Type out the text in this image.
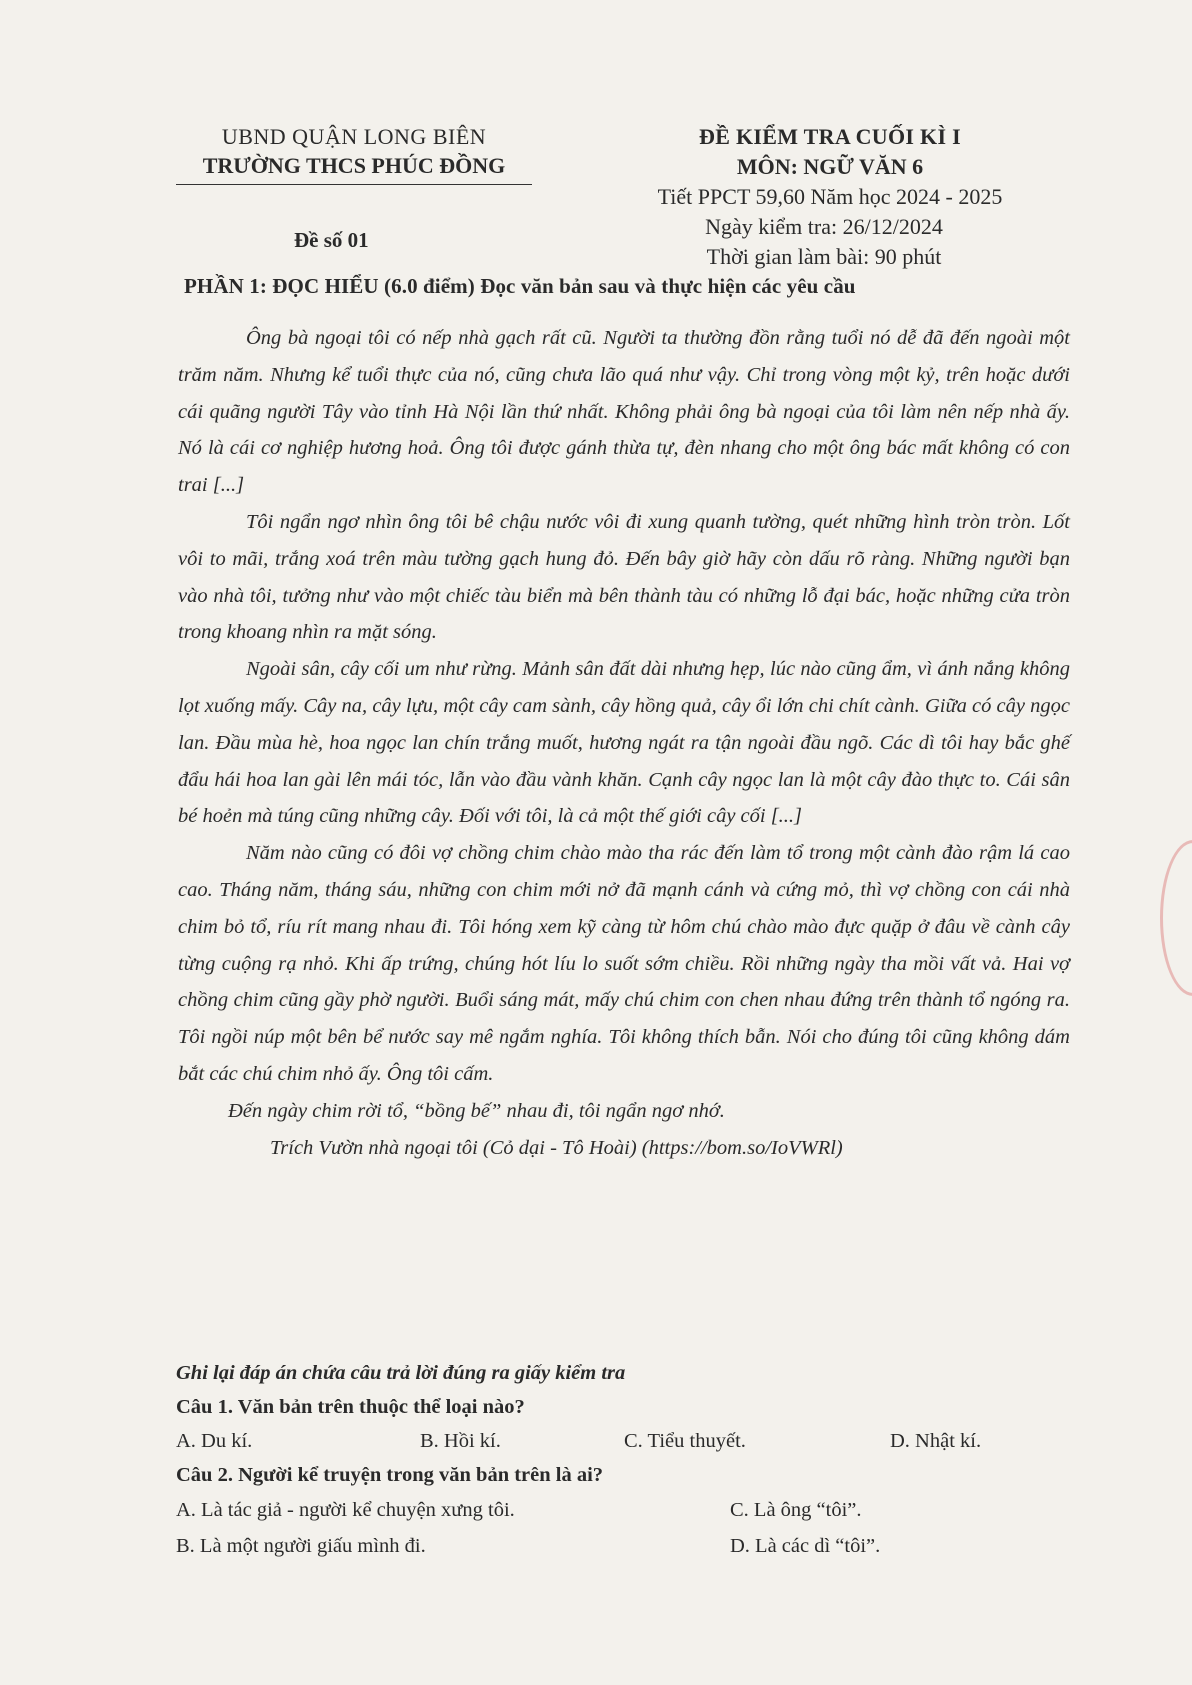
UBND QUẬN LONG BIÊN
TRƯỜNG THCS PHÚC ĐỒNG
ĐỀ KIỂM TRA CUỐI KÌ I
MÔN: NGỮ VĂN 6
Tiết PPCT 59,60 Năm học 2024 - 2025
Ngày kiểm tra: 26/12/2024
Thời gian làm bài: 90 phút
Đề số 01
PHẦN 1: ĐỌC HIỂU (6.0 điểm) Đọc văn bản sau và thực hiện các yêu cầu

Ông bà ngoại tôi có nếp nhà gạch rất cũ. Người ta thường đồn rằng tuổi nó dễ đã đến ngoài một trăm năm. Nhưng kể tuổi thực của nó, cũng chưa lão quá như vậy. Chỉ trong vòng một kỷ, trên hoặc dưới cái quãng người Tây vào tỉnh Hà Nội lần thứ nhất. Không phải ông bà ngoại của tôi làm nên nếp nhà ấy. Nó là cái cơ nghiệp hương hoả. Ông tôi được gánh thừa tự, đèn nhang cho một ông bác mất không có con trai [...]

Tôi ngẩn ngơ nhìn ông tôi bê chậu nước vôi đi xung quanh tường, quét những hình tròn tròn. Lốt vôi to mãi, trắng xoá trên màu tường gạch hung đỏ. Đến bây giờ hãy còn dấu rõ ràng. Những người bạn vào nhà tôi, tưởng như vào một chiếc tàu biển mà bên thành tàu có những lỗ đại bác, hoặc những cửa tròn trong khoang nhìn ra mặt sóng.

Ngoài sân, cây cối um như rừng. Mảnh sân đất dài nhưng hẹp, lúc nào cũng ẩm, vì ánh nắng không lọt xuống mấy. Cây na, cây lựu, một cây cam sành, cây hồng quả, cây ổi lớn chi chít cành. Giữa có cây ngọc lan. Đầu mùa hè, hoa ngọc lan chín trắng muốt, hương ngát ra tận ngoài đầu ngõ. Các dì tôi hay bắc ghế đẩu hái hoa lan gài lên mái tóc, lẫn vào đầu vành khăn. Cạnh cây ngọc lan là một cây đào thực to. Cái sân bé hoẻn mà túng cũng những cây. Đối với tôi, là cả một thế giới cây cối [...]

Năm nào cũng có đôi vợ chồng chim chào mào tha rác đến làm tổ trong một cành đào rậm lá cao cao. Tháng năm, tháng sáu, những con chim mới nở đã mạnh cánh và cứng mỏ, thì vợ chồng con cái nhà chim bỏ tổ, ríu rít mang nhau đi. Tôi hóng xem kỹ càng từ hôm chú chào mào đực quặp ở đâu về cành cây từng cuộng rạ nhỏ. Khi ấp trứng, chúng hót líu lo suốt sớm chiều. Rồi những ngày tha mồi vất vả. Hai vợ chồng chim cũng gầy phờ người. Buổi sáng mát, mấy chú chim con chen nhau đứng trên thành tổ ngóng ra. Tôi ngồi núp một bên bể nước say mê ngắm nghía. Tôi không thích bẫn. Nói cho đúng tôi cũng không dám bắt các chú chim nhỏ ấy. Ông tôi cấm.

Đến ngày chim rời tổ, “bồng bế” nhau đi, tôi ngẩn ngơ nhớ.

Trích Vườn nhà ngoại tôi (Cỏ dại - Tô Hoài) (https://bom.so/IoVWRl)
Ghi lại đáp án chứa câu trả lời đúng ra giấy kiểm tra
Câu 1. Văn bản trên thuộc thể loại nào?
A. Du kí.	B. Hồi kí.	C. Tiểu thuyết.	D. Nhật kí.
Câu 2. Người kể truyện trong văn bản trên là ai?
A. Là tác giả - người kể chuyện xưng tôi.	C. Là ông “tôi”.
B. Là một người giấu mình đi.	D. Là các dì “tôi”.
